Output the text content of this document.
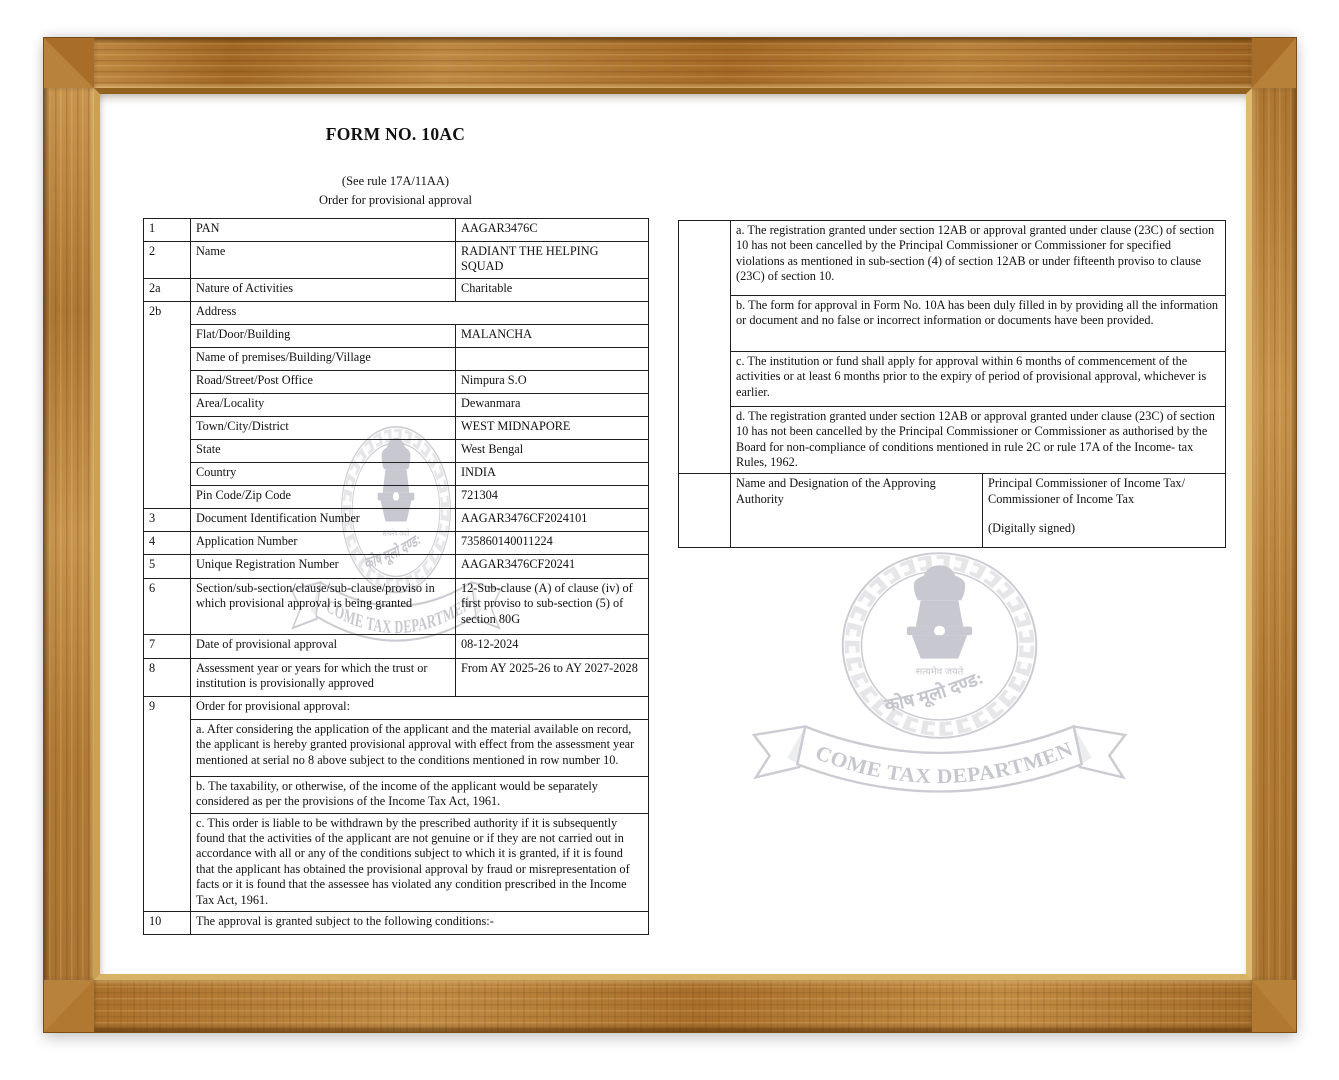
FORM NO. 10AC
(See rule 17A/11AA)
Order for provisional approval
1	PAN	AAGAR3476C
2	Name	RADIANT THE HELPING SQUAD
2a	Nature of Activities	Charitable
2b	Address	
	Flat/Door/Building	MALANCHA
	Name of premises/Building/Village	
	Road/Street/Post Office	Nimpura S.O
	Area/Locality	Dewanmara
	Town/City/District	WEST MIDNAPORE
	State	West Bengal
	Country	INDIA
	Pin Code/Zip Code	721304
3	Document Identification Number	AAGAR3476CF2024101
4	Application Number	735860140011224
5	Unique Registration Number	AAGAR3476CF20241
6	Section/sub-section/clause/sub-clause/proviso in which provisional approval is being granted	12-Sub-clause (A) of clause (iv) of first proviso to sub-section (5) of section 80G
7	Date of provisional approval	08-12-2024
8	Assessment year or years for which the trust or institution is provisionally approved	From AY 2025-26 to AY 2027-2028
9	Order for provisional approval:	
	a. After considering the application of the applicant and the material available on record, the applicant is hereby granted provisional approval with effect from the assessment year mentioned at serial no 8 above subject to the conditions mentioned in row number 10.	
	b. The taxability, or otherwise, of the income of the applicant would be separately considered as per the provisions of the Income Tax Act, 1961.	
	c. This order is liable to be withdrawn by the prescribed authority if it is subsequently found that the activities of the applicant are not genuine or if they are not carried out in accordance with all or any of the conditions subject to which it is granted, if it is found that the applicant has obtained the provisional approval by fraud or misrepresentation of facts or it is found that the assessee has violated any condition prescribed in the Income Tax Act, 1961.	
10	The approval is granted subject to the following conditions:-	
	a. The registration granted under section 12AB or approval granted under clause (23C) of section 10 has not been cancelled by the Principal Commissioner or Commissioner for specified violations as mentioned in sub-section (4) of section 12AB or under fifteenth proviso to clause (23C) of section 10.	
	b. The form for approval in Form No. 10A has been duly filled in by providing all the information or document and no false or incorrect information or documents have been provided.	
	c. The institution or fund shall apply for approval within 6 months of commencement of the activities or at least 6 months prior to the expiry of period of provisional approval, whichever is earlier.	
	d. The registration granted under section 12AB or approval granted under clause (23C) of section 10 has not been cancelled by the Principal Commissioner or Commissioner as authorised by the Board for non-compliance of conditions mentioned in rule 2C or rule 17A of the Income- tax Rules, 1962.	
	Name and Designation of the Approving Authority	Principal Commissioner of Income Tax/ Commissioner of Income Tax
(Digitally signed)
